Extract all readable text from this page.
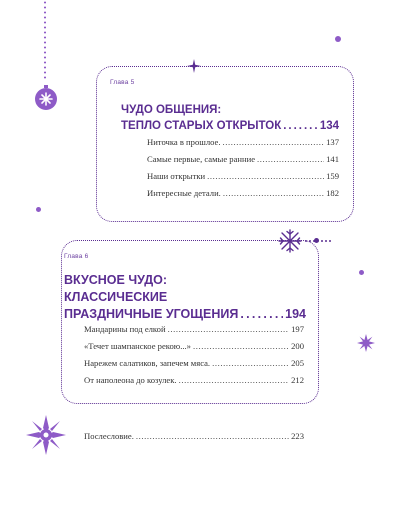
Глава 5
ЧУДО ОБЩЕНИЯ:
ТЕПЛО СТАРЫХ ОТКРЫТОК . . .	134
Ниточка в прошлое. .....	137
Самые первые, самые ранние .....	141
Наши открытки .....	159
Интересные детали. .....	182
Глава 6
ВКУСНОЕ ЧУДО:
КЛАССИЧЕСКИЕ
ПРАЗДНИЧНЫЕ УГОЩЕНИЯ . . .	194
Мандарины под елкой .....	197
«Течет шампанское рекою...» .....	200
Нарежем салатиков, запечем мяса. .....	205
От наполеона до козулек. .....	212
Послесловие. .....	223
